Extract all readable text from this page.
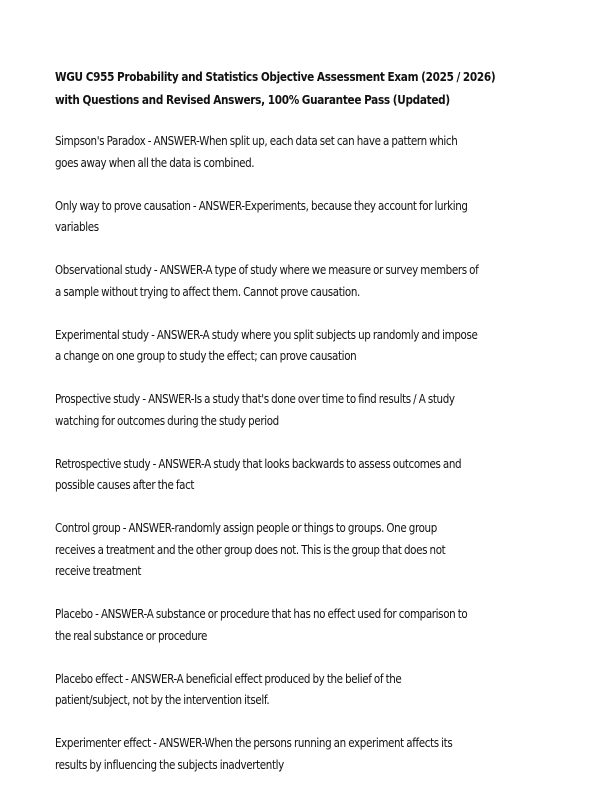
WGU C955 Probability and Statistics Objective Assessment Exam (2025 / 2026)
with Questions and Revised Answers, 100% Guarantee Pass (Updated)
Simpson's Paradox - ANSWER-When split up, each data set can have a pattern which
goes away when all the data is combined.
Only way to prove causation - ANSWER-Experiments, because they account for lurking
variables
Observational study - ANSWER-A type of study where we measure or survey members of
a sample without trying to affect them. Cannot prove causation.
Experimental study - ANSWER-A study where you split subjects up randomly and impose
a change on one group to study the effect; can prove causation
Prospective study - ANSWER-Is a study that's done over time to find results / A study
watching for outcomes during the study period
Retrospective study - ANSWER-A study that looks backwards to assess outcomes and
possible causes after the fact
Control group - ANSWER-randomly assign people or things to groups. One group
receives a treatment and the other group does not. This is the group that does not
receive treatment
Placebo - ANSWER-A substance or procedure that has no effect used for comparison to
the real substance or procedure
Placebo effect - ANSWER-A beneficial effect produced by the belief of the
patient/subject, not by the intervention itself.
Experimenter effect - ANSWER-When the persons running an experiment affects its
results by influencing the subjects inadvertently
